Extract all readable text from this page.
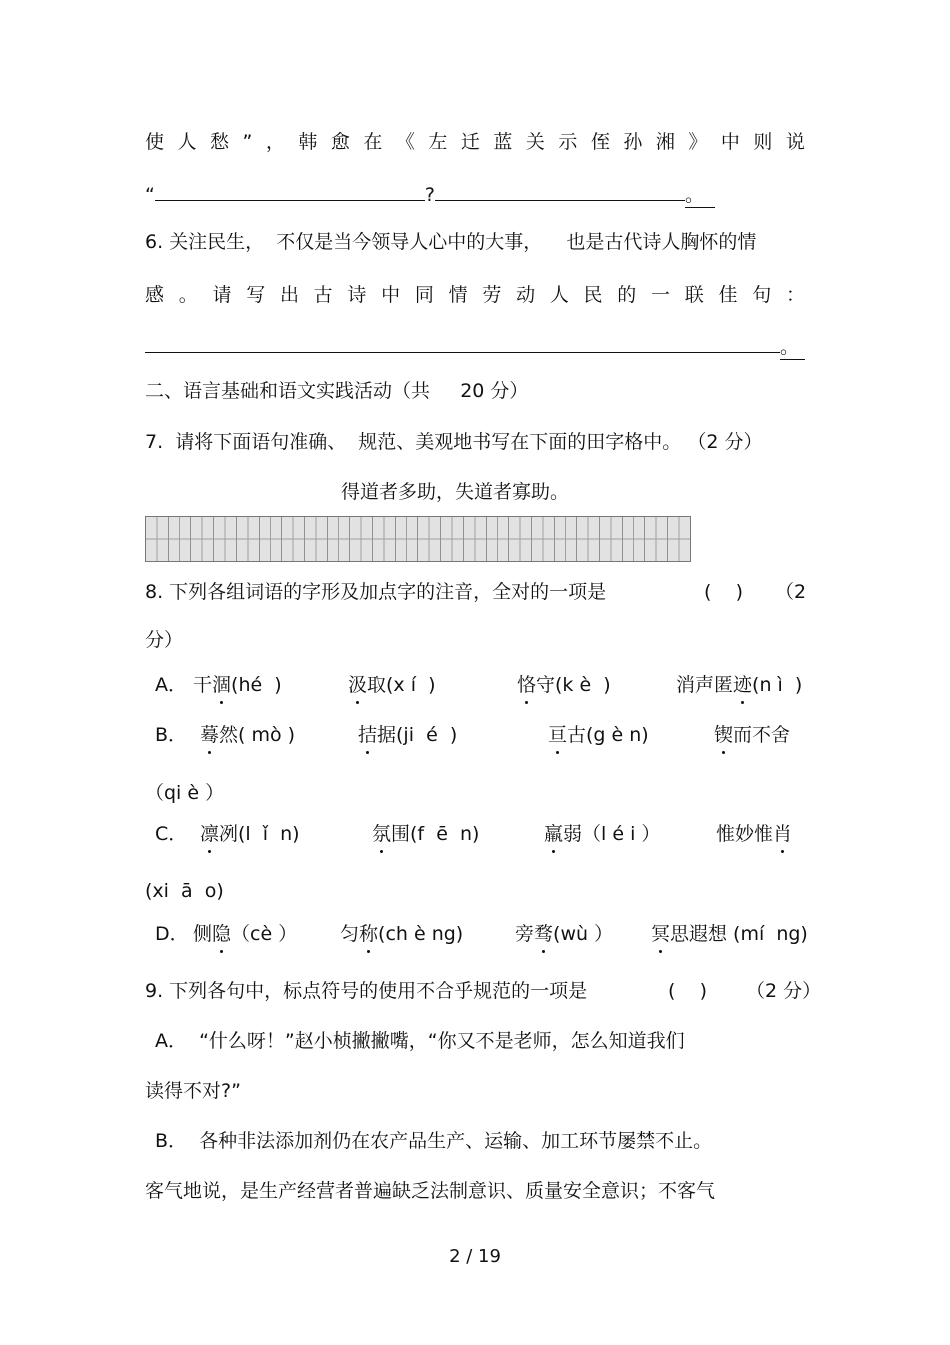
使 人 愁 ” ， 韩 愈 在 《 左 迁 蓝 关 示 侄 孙 湘 》 中 则 说
“	?	。
6. 关注民生，  不仅是当今领导人心中的大事，    也是古代诗人胸怀的情
感 。 请 写 出 古 诗 中 同 情 劳 动 人 民 的 一 联 佳 句 ：
。
二、语言基础和语文实践活动（共     20 分）
7.  请将下面语句准确、  规范、美观地书写在下面的田字格中。 （2 分）
得道者多助，失道者寡助。
8. 下列各组词语的字形及加点字的注音，全对的一项是	(    ) （2
分）
A． 干涸(hé  )	汲取(x í  )	恪守(k è  )	消声匿迹(n ì  )
B． 蓦然( mò )	拮据(ji  é  )	亘古(g è n)	锲而不舍
（qi è ）
C． 凛冽(l  ǐ  n)	氛围(f  ē  n)	羸弱（l é i ）	惟妙惟肖
(xi  ā  o)
D． 侧隐（cè ） 匀称(ch è ng)	旁骛(wù ） 冥思遐想 (mí  ng)
9. 下列各句中，标点符号的使用不合乎规范的一项是	(    ) （2 分）
A．  “什么呀！”赵小桢撇撇嘴，“你又不是老师，怎么知道我们
读得不对?”
B．  各种非法添加剂仍在农产品生产、运输、加工环节屡禁不止。
客气地说，是生产经营者普遍缺乏法制意识、质量安全意识；不客气
2 / 19
